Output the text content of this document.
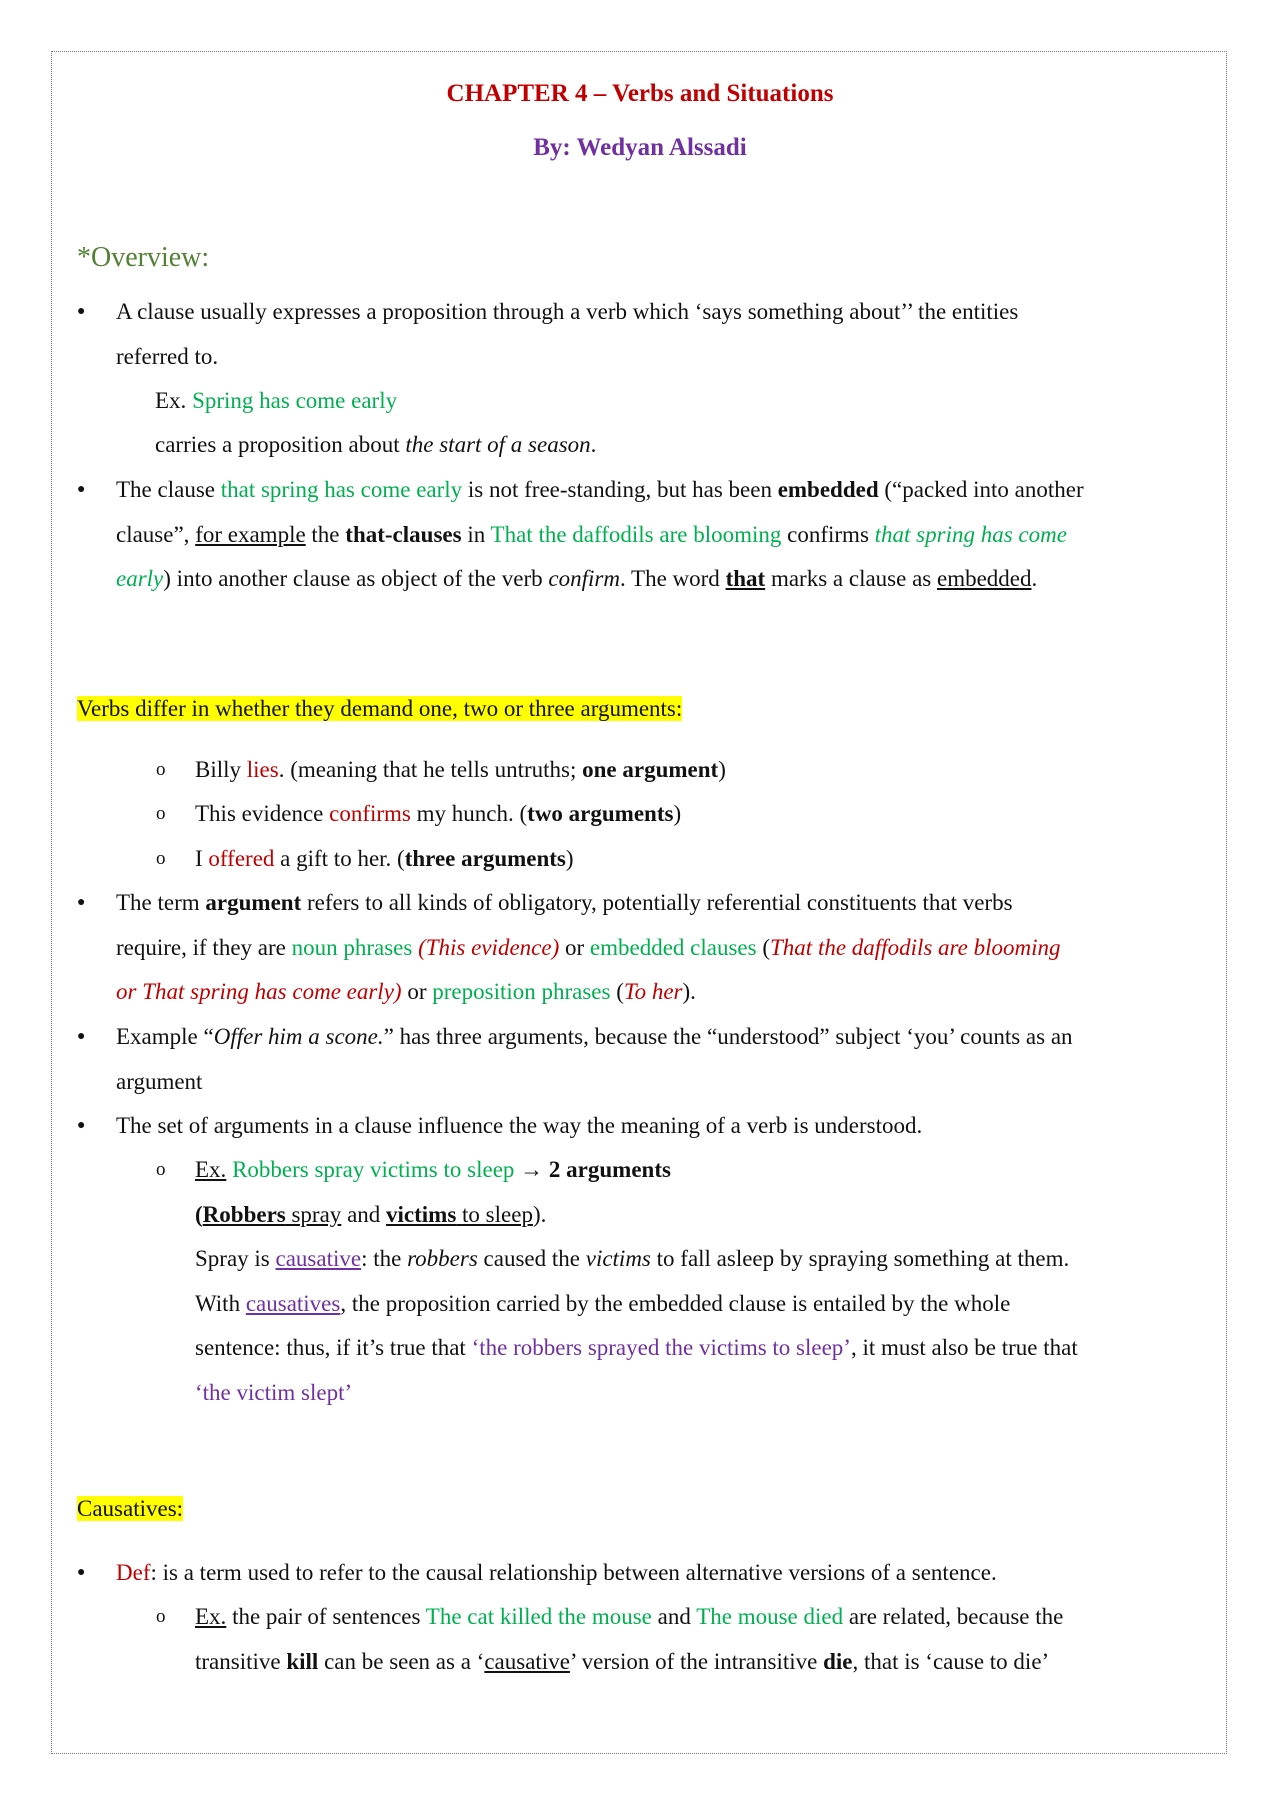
CHAPTER 4 – Verbs and Situations
By: Wedyan Alssadi
*Overview:
● A clause usually expresses a proposition through a verb which ‘says something about’’ the entities
referred to.
Ex. Spring has come early
carries a proposition about the start of a season.
● The clause that spring has come early is not free-standing, but has been embedded (“packed into another
clause”, for example the that-clauses in That the daffodils are blooming confirms that spring has come
early) into another clause as object of the verb confirm. The word that marks a clause as embedded.
Verbs differ in whether they demand one, two or three arguments:
o Billy lies. (meaning that he tells untruths; one argument)
o This evidence confirms my hunch. (two arguments)
o I offered a gift to her. (three arguments)
● The term argument refers to all kinds of obligatory, potentially referential constituents that verbs
require, if they are noun phrases (This evidence) or embedded clauses (That the daffodils are blooming
or That spring has come early) or preposition phrases (To her).
● Example “Offer him a scone.” has three arguments, because the “understood” subject ‘you’ counts as an
argument
● The set of arguments in a clause influence the way the meaning of a verb is understood.
o Ex. Robbers spray victims to sleep → 2 arguments
(Robbers spray and victims to sleep).
Spray is causative: the robbers caused the victims to fall asleep by spraying something at them.
With causatives, the proposition carried by the embedded clause is entailed by the whole
sentence: thus, if it’s true that ‘the robbers sprayed the victims to sleep’, it must also be true that
‘the victim slept’
Causatives:
● Def: is a term used to refer to the causal relationship between alternative versions of a sentence.
o Ex. the pair of sentences The cat killed the mouse and The mouse died are related, because the
transitive kill can be seen as a ‘causative’ version of the intransitive die, that is ‘cause to die’
